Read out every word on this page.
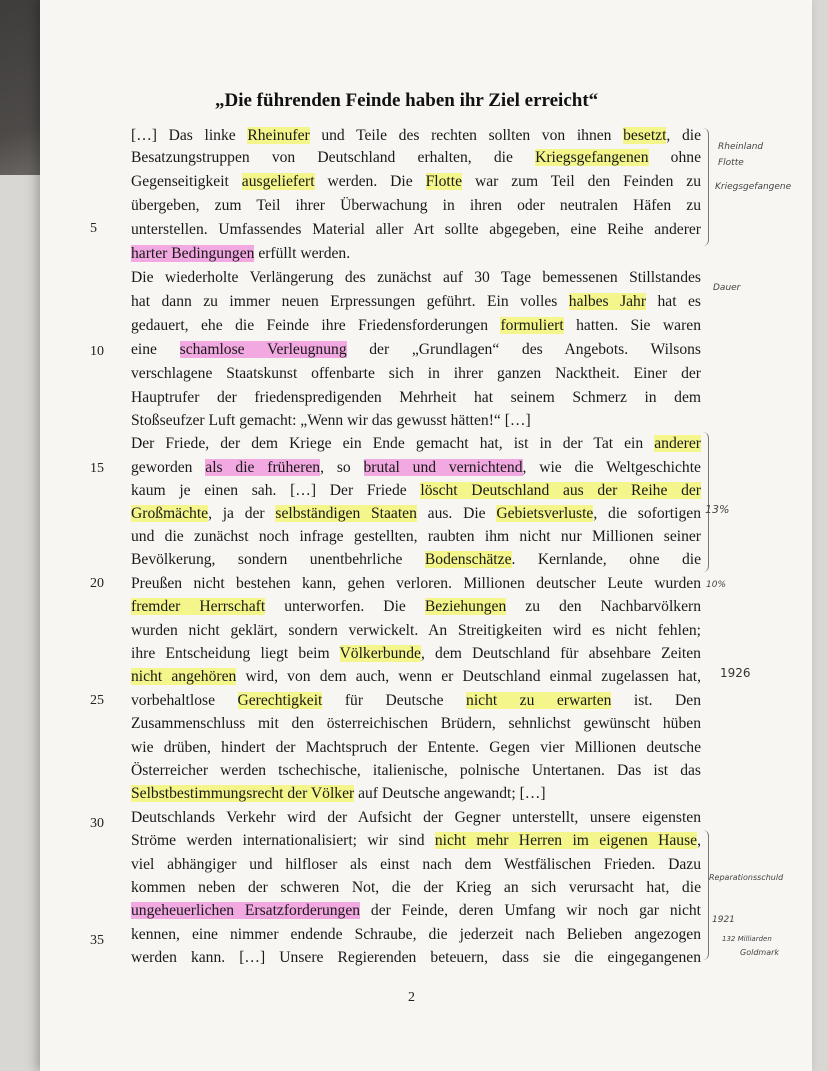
„Die führenden Feinde haben ihr Ziel erreicht“
[…] Das linke Rheinufer und Teile des rechten sollten von ihnen besetzt, die
Besatzungstruppen von Deutschland erhalten, die Kriegsgefangenen ohne
Gegenseitigkeit ausgeliefert werden. Die Flotte war zum Teil den Feinden zu
übergeben, zum Teil ihrer Überwachung in ihren oder neutralen Häfen zu
unterstellen. Umfassendes Material aller Art sollte abgegeben, eine Reihe anderer
harter Bedingungen erfüllt werden.
Die wiederholte Verlängerung des zunächst auf 30 Tage bemessenen Stillstandes
hat dann zu immer neuen Erpressungen geführt. Ein volles halbes Jahr hat es
gedauert, ehe die Feinde ihre Friedensforderungen formuliert hatten. Sie waren
eine schamlose Verleugnung der „Grundlagen“ des Angebots. Wilsons
verschlagene Staatskunst offenbarte sich in ihrer ganzen Nacktheit. Einer der
Hauptrufer der friedenspredigenden Mehrheit hat seinem Schmerz in dem
Stoßseufzer Luft gemacht: „Wenn wir das gewusst hätten!“ […]
Der Friede, der dem Kriege ein Ende gemacht hat, ist in der Tat ein anderer
geworden als die früheren, so brutal und vernichtend, wie die Weltgeschichte
kaum je einen sah. […] Der Friede löscht Deutschland aus der Reihe der
Großmächte, ja der selbständigen Staaten aus. Die Gebietsverluste, die sofortigen
und die zunächst noch infrage gestellten, raubten ihm nicht nur Millionen seiner
Bevölkerung, sondern unentbehrliche Bodenschätze. Kernlande, ohne die
Preußen nicht bestehen kann, gehen verloren. Millionen deutscher Leute wurden
fremder Herrschaft unterworfen. Die Beziehungen zu den Nachbarvölkern
wurden nicht geklärt, sondern verwickelt. An Streitigkeiten wird es nicht fehlen;
ihre Entscheidung liegt beim Völkerbunde, dem Deutschland für absehbare Zeiten
nicht angehören wird, von dem auch, wenn er Deutschland einmal zugelassen hat,
vorbehaltlose Gerechtigkeit für Deutsche nicht zu erwarten ist. Den
Zusammenschluss mit den österreichischen Brüdern, sehnlichst gewünscht hüben
wie drüben, hindert der Machtspruch der Entente. Gegen vier Millionen deutsche
Österreicher werden tschechische, italienische, polnische Untertanen. Das ist das
Selbstbestimmungsrecht der Völker auf Deutsche angewandt; […]
Deutschlands Verkehr wird der Aufsicht der Gegner unterstellt, unsere eigensten
Ströme werden internationalisiert; wir sind nicht mehr Herren im eigenen Hause,
viel abhängiger und hilfloser als einst nach dem Westfälischen Frieden. Dazu
kommen neben der schweren Not, die der Krieg an sich verursacht hat, die
ungeheuerlichen Ersatzforderungen der Feinde, deren Umfang wir noch gar nicht
kennen, eine nimmer endende Schraube, die jederzeit nach Belieben angezogen
werden kann. […] Unsere Regierenden beteuern, dass sie die eingegangenen
5
10
15
20
25
30
35
Rheinland
Flotte
Kriegsgefangene
Dauer
13%
10%
1926
Reparationsschuld
1921
132 Milliarden
Goldmark
2
